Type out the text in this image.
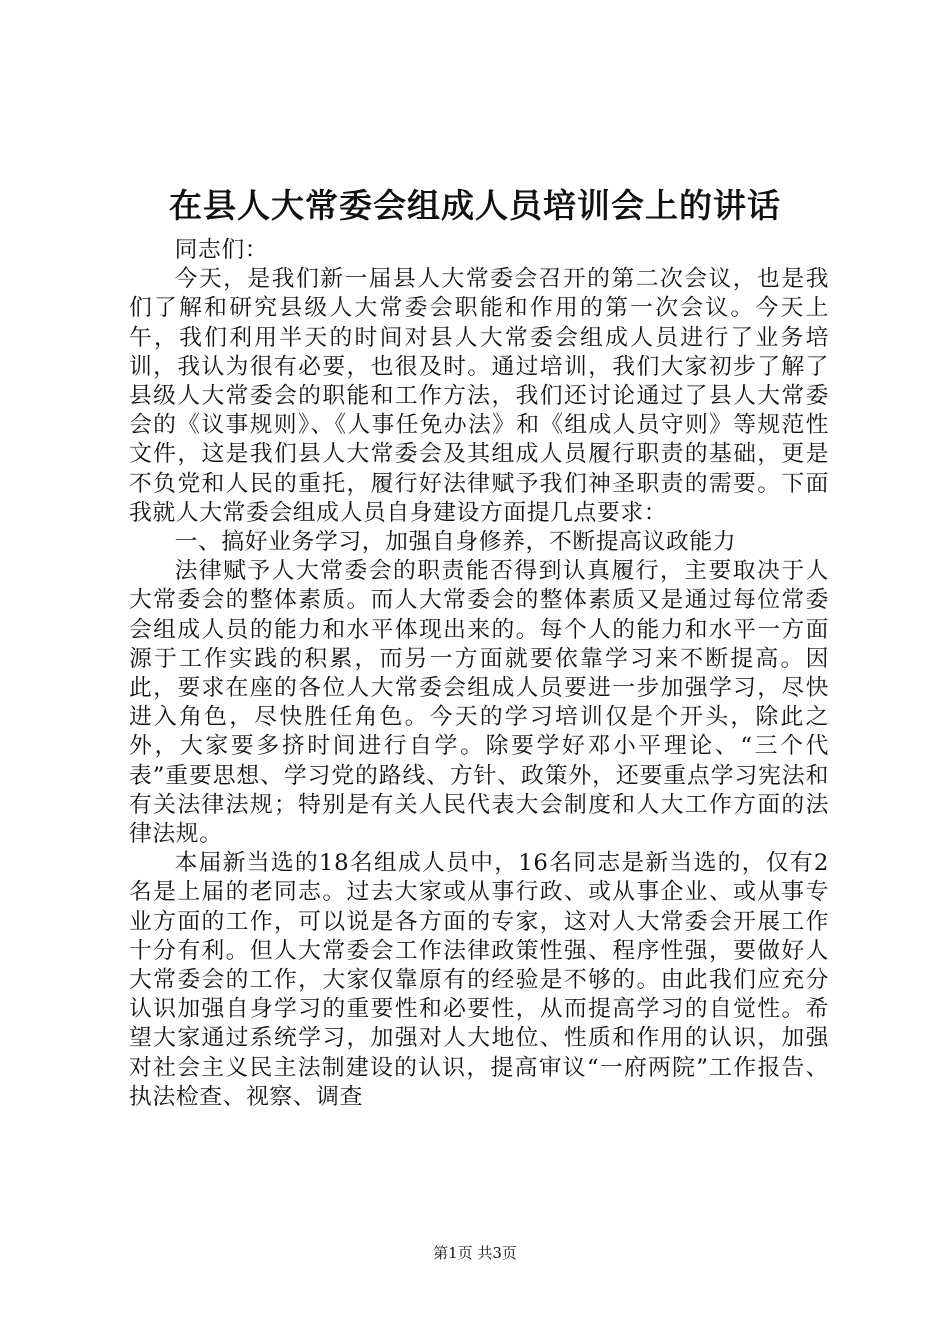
在县人大常委会组成人员培训会上的讲话

同志们：

今天，是我们新一届县人大常委会召开的第二次会议，也是我们了解和研究县级人大常委会职能和作用的第一次会议。今天上午，我们利用半天的时间对县人大常委会组成人员进行了业务培训，我认为很有必要，也很及时。通过培训，我们大家初步了解了县级人大常委会的职能和工作方法，我们还讨论通过了县人大常委会的《议事规则》、《人事任免办法》和《组成人员守则》等规范性文件，这是我们县人大常委会及其组成人员履行职责的基础，更是不负党和人民的重托，履行好法律赋予我们神圣职责的需要。下面我就人大常委会组成人员自身建设方面提几点要求：

一、搞好业务学习，加强自身修养，不断提高议政能力

法律赋予人大常委会的职责能否得到认真履行，主要取决于人大常委会的整体素质。而人大常委会的整体素质又是通过每位常委会组成人员的能力和水平体现出来的。每个人的能力和水平一方面源于工作实践的积累，而另一方面就要依靠学习来不断提高。因此，要求在座的各位人大常委会组成人员要进一步加强学习，尽快进入角色，尽快胜任角色。今天的学习培训仅是个开头，除此之外，大家要多挤时间进行自学。除要学好邓小平理论、“三个代表”重要思想、学习党的路线、方针、政策外，还要重点学习宪法和有关法律法规；特别是有关人民代表大会制度和人大工作方面的法律法规。

本届新当选的18名组成人员中，16名同志是新当选的，仅有2名是上届的老同志。过去大家或从事行政、或从事企业、或从事专业方面的工作，可以说是各方面的专家，这对人大常委会开展工作十分有利。但人大常委会工作法律政策性强、程序性强，要做好人大常委会的工作，大家仅靠原有的经验是不够的。由此我们应充分认识加强自身学习的重要性和必要性，从而提高学习的自觉性。希望大家通过系统学习，加强对人大地位、性质和作用的认识，加强对社会主义民主法制建设的认识，提高审议“一府两院”工作报告、执法检查、视察、调查

第1页 共3页
